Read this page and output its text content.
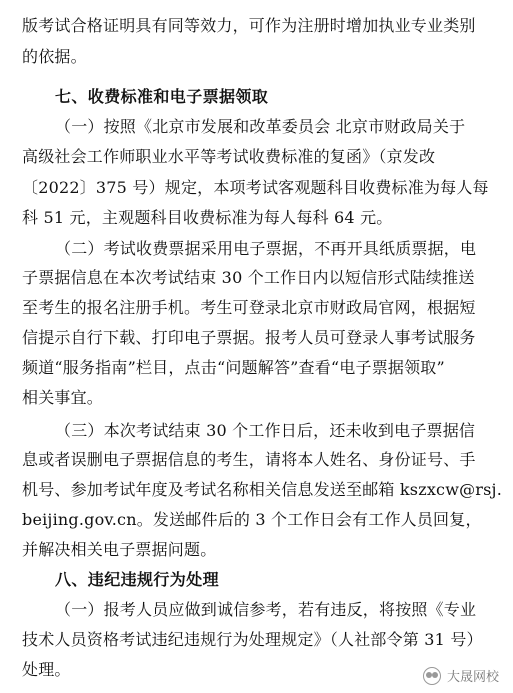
版考试合格证明具有同等效力，可作为注册时增加执业专业类别
的依据。
七、收费标准和电子票据领取
（一）按照《北京市发展和改革委员会 北京市财政局关于
高级社会工作师职业水平等考试收费标准的复函》（京发改
〔2022〕375 号）规定，本项考试客观题科目收费标准为每人每
科 51 元，主观题科目收费标准为每人每科 64 元。
（二）考试收费票据采用电子票据，不再开具纸质票据，电
子票据信息在本次考试结束 30 个工作日内以短信形式陆续推送
至考生的报名注册手机。考生可登录北京市财政局官网，根据短
信提示自行下载、打印电子票据。报考人员可登录人事考试服务
频道“服务指南”栏目，点击“问题解答”查看“电子票据领取”
相关事宜。
（三）本次考试结束 30 个工作日后，还未收到电子票据信
息或者误删电子票据信息的考生，请将本人姓名、身份证号、手
机号、参加考试年度及考试名称相关信息发送至邮箱 kszxcw@rsj.
beijing.gov.cn。发送邮件后的 3 个工作日会有工作人员回复，
并解决相关电子票据问题。
八、违纪违规行为处理
（一）报考人员应做到诚信参考，若有违反，将按照《专业
技术人员资格考试违纪违规行为处理规定》（人社部令第 31 号）
处理。	大晟网校
